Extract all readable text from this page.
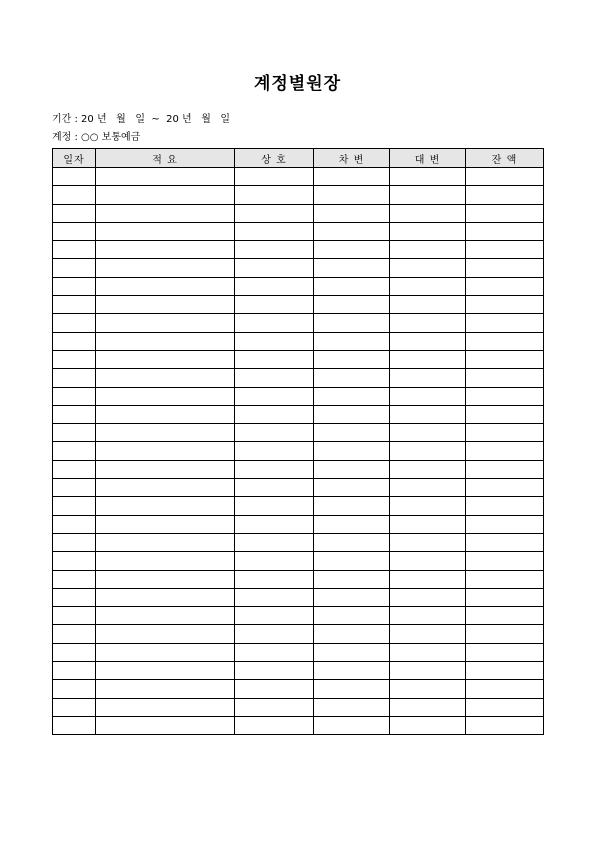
계정별원장
기간 : 20 년   월   일  ~  20 년   월   일
계정 : ○○ 보통예금
일자	적 요	상 호	차 변	대 변	잔 액
